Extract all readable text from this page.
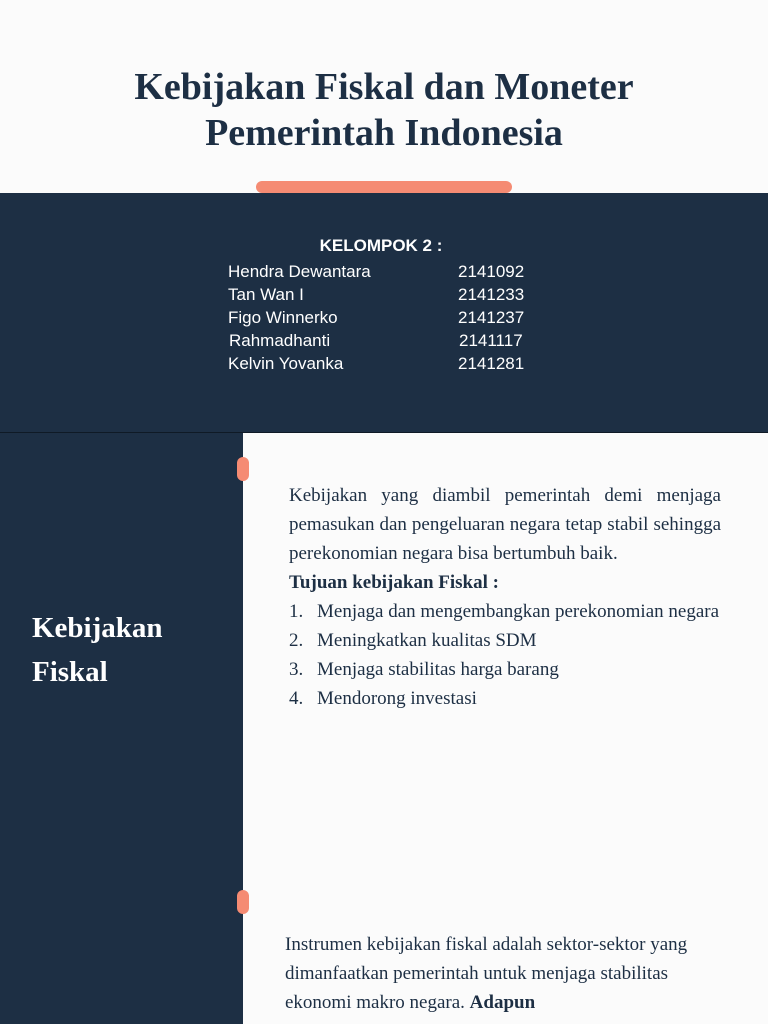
Kebijakan Fiskal dan Moneter
Pemerintah Indonesia
KELOMPOK 2 :
Hendra Dewantara	2141092
Tan Wan I	2141233
Figo Winnerko	2141237
Rahmadhanti	2141117
Kelvin Yovanka	2141281
Kebijakan
Fiskal

Kebijakan yang diambil pemerintah demi menjaga pemasukan dan pengeluaran negara tetap stabil sehingga perekonomian negara bisa bertumbuh baik.

Tujuan kebijakan Fiskal :

1. Menjaga dan mengembangkan perekonomian negara
2. Meningkatkan kualitas SDM
3. Menjaga stabilitas harga barang
4. Mendorong investasi
Instrumen kebijakan fiskal adalah sektor-sektor yang dimanfaatkan pemerintah untuk menjaga stabilitas ekonomi makro negara. Adapun
